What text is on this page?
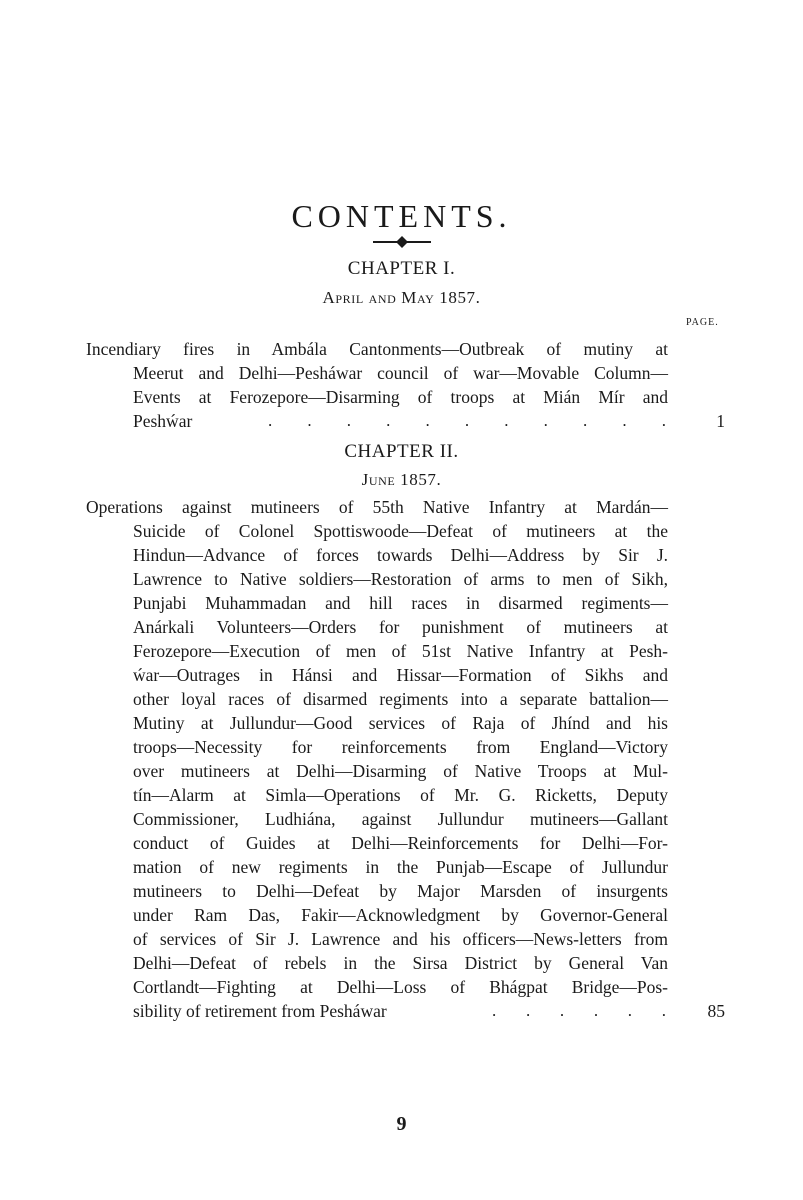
CONTENTS.
CHAPTER I.
April and May 1857.
PAGE.
Incendiary fires in Ambála Cantonments—Outbreak of mutiny at
Meerut and Delhi—Pesháwar council of war—Movable Column—
Events at Ferozepore—Disarming of troops at Mián Mír and
Peshẃar	. . . . . . . . . . .	1
CHAPTER II.
June 1857.
Operations against mutineers of 55th Native Infantry at Mardán—
Suicide of Colonel Spottiswoode—Defeat of mutineers at the
Hindun—Advance of forces towards Delhi—Address by Sir J.
Lawrence to Native soldiers—Restoration of arms to men of Sikh,
Punjabi Muhammadan and hill races in disarmed regiments—
Anárkali Volunteers—Orders for punishment of mutineers at
Ferozepore—Execution of men of 51st Native Infantry at Pesh-
ẃar—Outrages in Hánsi and Hissar—Formation of Sikhs and
other loyal races of disarmed regiments into a separate battalion—
Mutiny at Jullundur—Good services of Raja of Jhínd and his
troops—Necessity for reinforcements from England—Victory
over mutineers at Delhi—Disarming of Native Troops at Mul-
tín—Alarm at Simla—Operations of Mr. G. Ricketts, Deputy
Commissioner, Ludhiána, against Jullundur mutineers—Gallant
conduct of Guides at Delhi—Reinforcements for Delhi—For-
mation of new regiments in the Punjab—Escape of Jullundur
mutineers to Delhi—Defeat by Major Marsden of insurgents
under Ram Das, Fakir—Acknowledgment by Governor-General
of services of Sir J. Lawrence and his officers—News-letters from
Delhi—Defeat of rebels in the Sirsa District by General Van
Cortlandt—Fighting at Delhi—Loss of Bhágpat Bridge—Pos-
sibility of retirement from Pesháwar	. . . . . .	85
9
